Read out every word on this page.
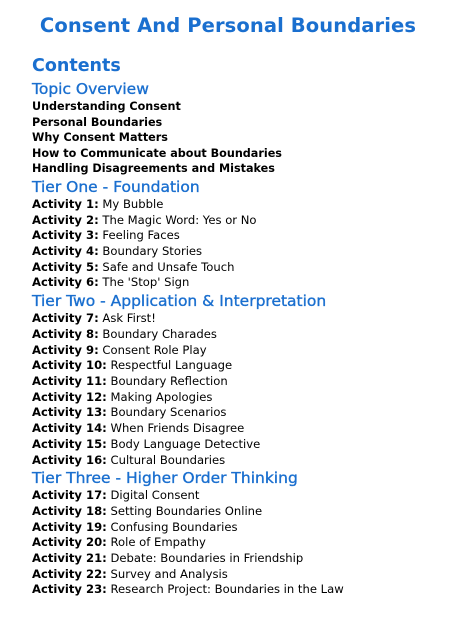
Consent And Personal Boundaries
Contents
Topic Overview
Understanding Consent
Personal Boundaries
Why Consent Matters
How to Communicate about Boundaries
Handling Disagreements and Mistakes
Tier One - Foundation
Activity 1: My Bubble
Activity 2: The Magic Word: Yes or No
Activity 3: Feeling Faces
Activity 4: Boundary Stories
Activity 5: Safe and Unsafe Touch
Activity 6: The 'Stop' Sign
Tier Two - Application & Interpretation
Activity 7: Ask First!
Activity 8: Boundary Charades
Activity 9: Consent Role Play
Activity 10: Respectful Language
Activity 11: Boundary Reflection
Activity 12: Making Apologies
Activity 13: Boundary Scenarios
Activity 14: When Friends Disagree
Activity 15: Body Language Detective
Activity 16: Cultural Boundaries
Tier Three - Higher Order Thinking
Activity 17: Digital Consent
Activity 18: Setting Boundaries Online
Activity 19: Confusing Boundaries
Activity 20: Role of Empathy
Activity 21: Debate: Boundaries in Friendship
Activity 22: Survey and Analysis
Activity 23: Research Project: Boundaries in the Law
